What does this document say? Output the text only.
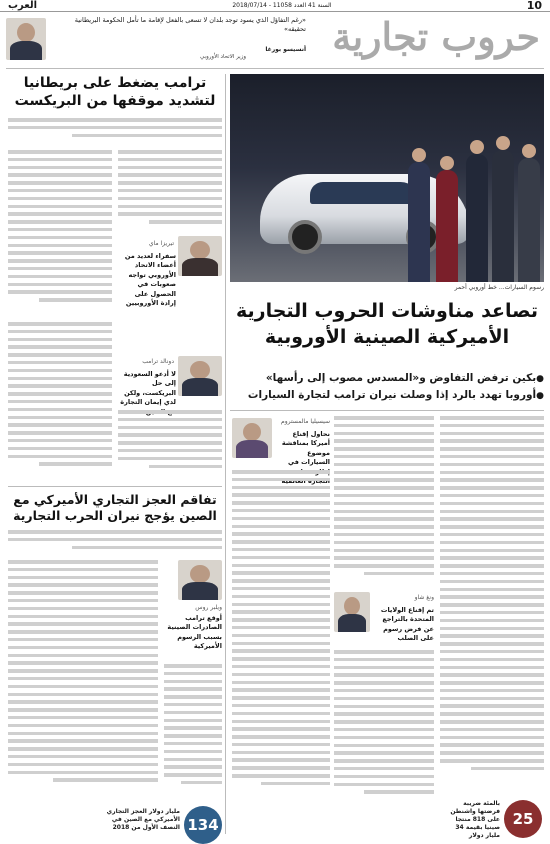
10
السنة 41 العدد 11058 - 2018/07/14
العرب
حروب تجارية

«رغم التفاؤل الذي يسود توجد بلدان لا تسعى بالفعل لإقامة ما تأمل الحكومة البريطانية تحقيقه»

أنسيسو بورغا
وزير الاتحاد الأوروبي
ترامب يضغط على بريطانيا لتشديد موقفها من البريكست
تيريزا ماي
سفراء لعديد من أعضاء الاتحاد الأوروبي تواجه صعوبات في الحصول على إرادة الأوروبيين
دونالد ترامب
لا أدعو السعودية إلى حل البريكست، ولكن لدي إيمان التجارة
تفاقم العجز التجاري الأميركي مع الصين يؤجج نيران الحرب التجارية
ويلبر روس
أوقع ترامب الصادرات الصينية بسبب الرسوم الأميركية
134
مليار دولار العجز التجاري الأميركي مع الصين في النصف الأول من 2018
رسوم السيارات... خط أوروبي أحمر
تصاعد مناوشات الحروب التجارية الأميركية الصينية الأوروبية
● بكين ترفض التفاوض و«المسدس مصوب إلى رأسها»
● أوروبا تهدد بالرد إذا وصلت نيران ترامب لتجارة السيارات
ونغ شاو
تم إقناع الولايات المتحدة بالتراجع عن فرض رسوم على الصلب
سيسيليا مالمستروم
نحاول إقناع أميركا بمناقشة موضوع السيارات في
25
بالمئة ضريبة فرضتها واشنطن على 818 منتجا صينيا بقيمة 34 مليار دولار
